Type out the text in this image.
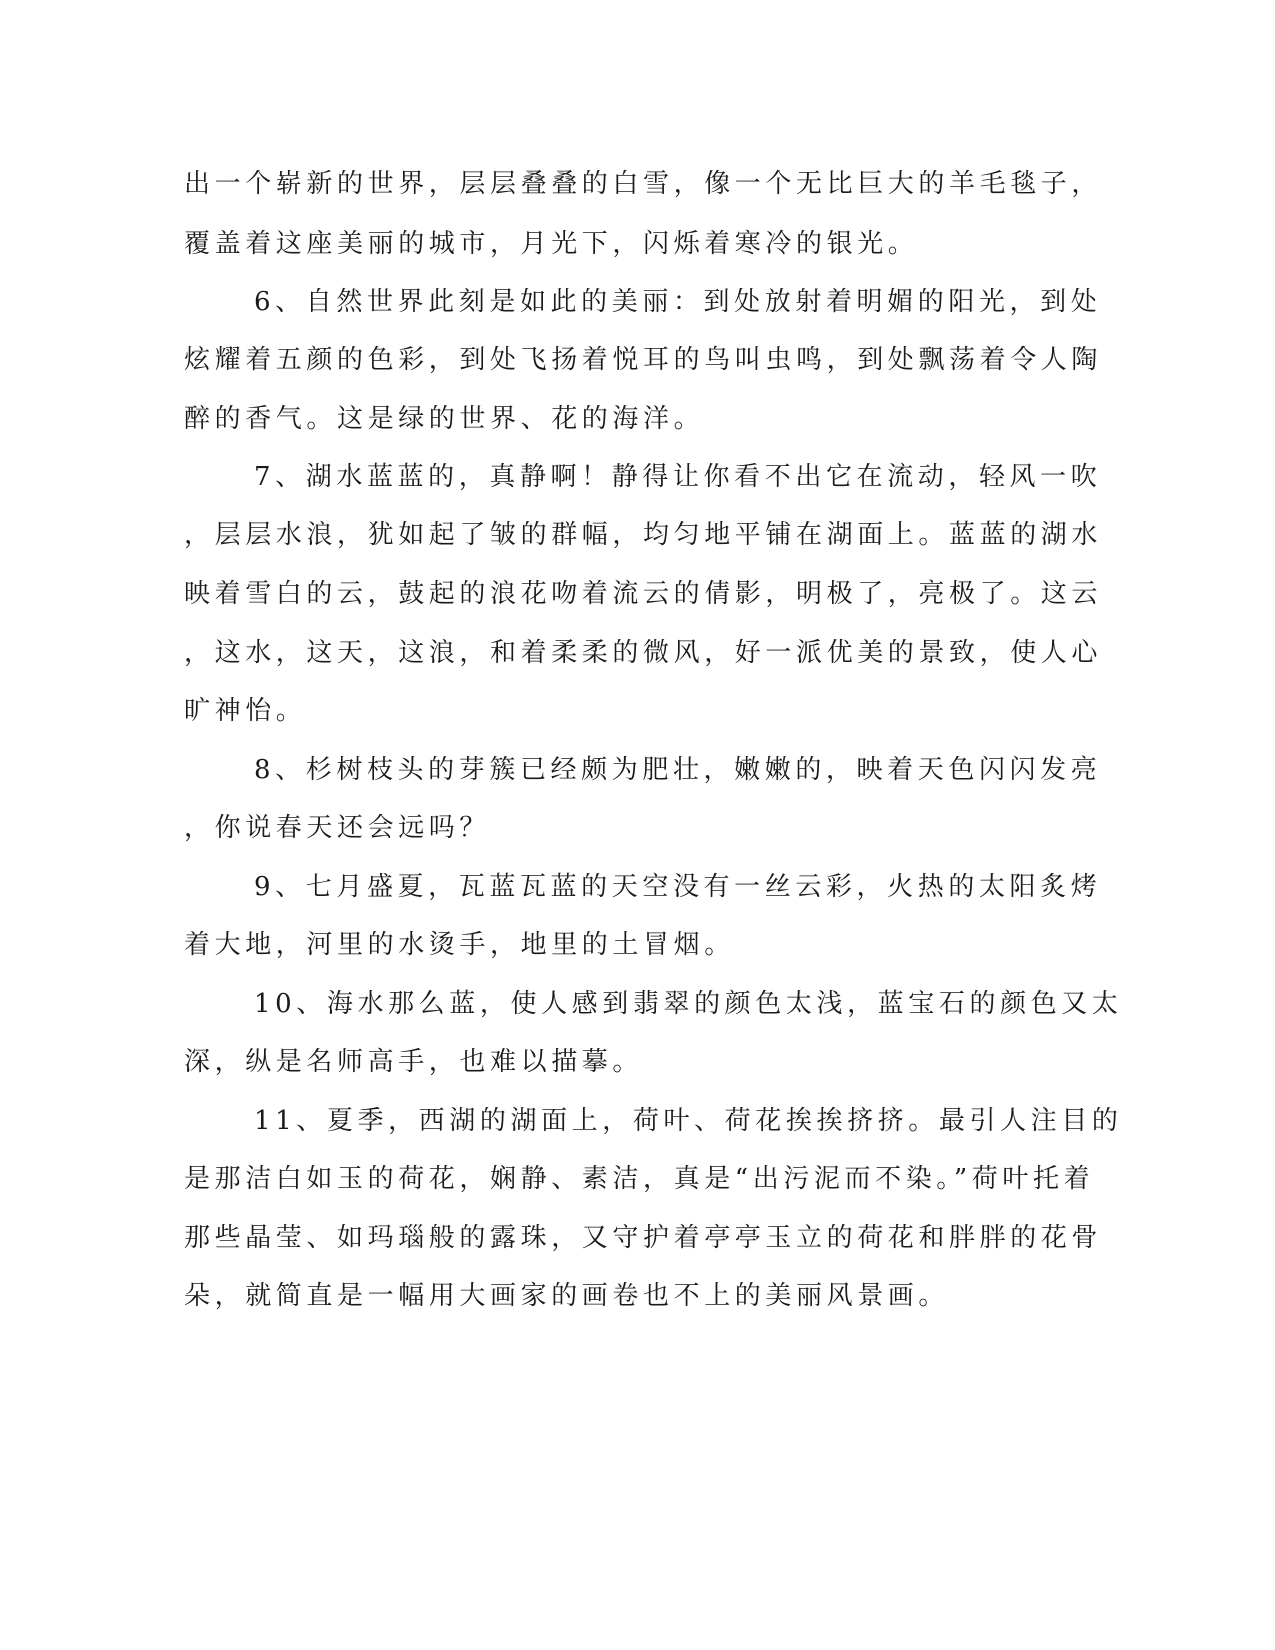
出一个崭新的世界，层层叠叠的白雪，像一个无比巨大的羊毛毯子，
覆盖着这座美丽的城市，月光下，闪烁着寒冷的银光。
6、自然世界此刻是如此的美丽：到处放射着明媚的阳光，到处
炫耀着五颜的色彩，到处飞扬着悦耳的鸟叫虫鸣，到处飘荡着令人陶
醉的香气。这是绿的世界、花的海洋。
7、湖水蓝蓝的，真静啊！静得让你看不出它在流动，轻风一吹
，层层水浪，犹如起了皱的群幅，均匀地平铺在湖面上。蓝蓝的湖水
映着雪白的云，鼓起的浪花吻着流云的倩影，明极了，亮极了。这云
，这水，这天，这浪，和着柔柔的微风，好一派优美的景致，使人心
旷神怡。
8、杉树枝头的芽簇已经颇为肥壮，嫩嫩的，映着天色闪闪发亮
，你说春天还会远吗？
9、七月盛夏，瓦蓝瓦蓝的天空没有一丝云彩，火热的太阳炙烤
着大地，河里的水烫手，地里的土冒烟。
10、海水那么蓝，使人感到翡翠的颜色太浅，蓝宝石的颜色又太
深，纵是名师高手，也难以描摹。
11、夏季，西湖的湖面上，荷叶、荷花挨挨挤挤。最引人注目的
是那洁白如玉的荷花，娴静、素洁，真是“出污泥而不染。”荷叶托着
那些晶莹、如玛瑙般的露珠，又守护着亭亭玉立的荷花和胖胖的花骨
朵，就简直是一幅用大画家的画卷也不上的美丽风景画。
